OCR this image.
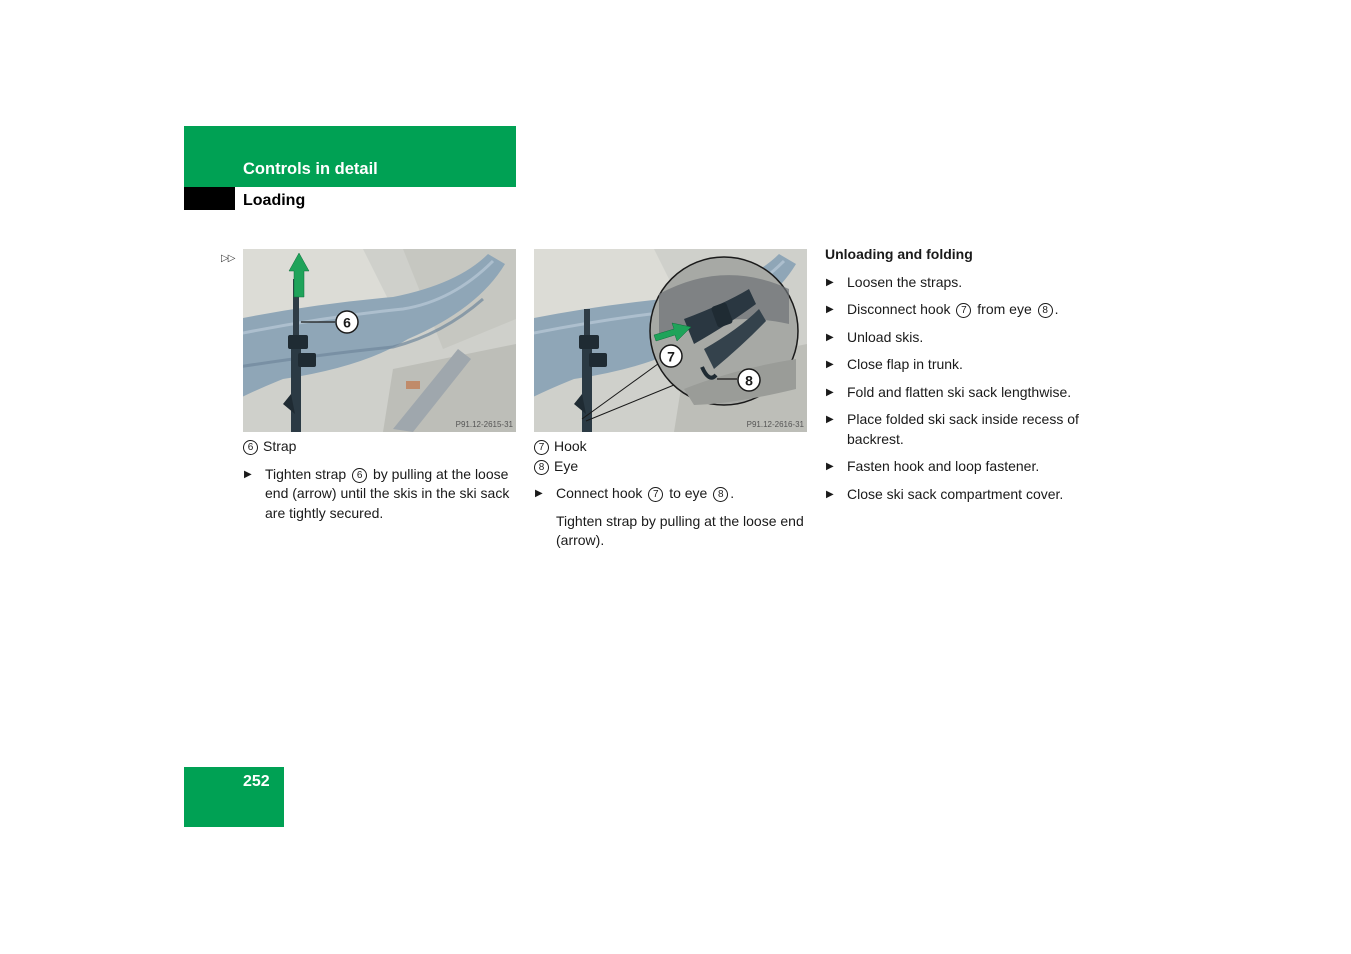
Controls in detail
Loading
▷▷
6
P91.12-2615-31
7
8
P91.12-2616-31
6 Strap
▶ Tighten strap 6 by pulling at the loose end (arrow) until the skis in the ski sack are tightly secured.
7 Hook
8 Eye
▶ Connect hook 7 to eye 8 .
Tighten strap by pulling at the loose end (arrow).
Unloading and folding
▶ Loosen the straps.
▶ Disconnect hook 7 from eye 8 .
▶ Unload skis.
▶ Close flap in trunk.
▶ Fold and flatten ski sack lengthwise.
▶ Place folded ski sack inside recess of backrest.
▶ Fasten hook and loop fastener.
▶ Close ski sack compartment cover.
252
